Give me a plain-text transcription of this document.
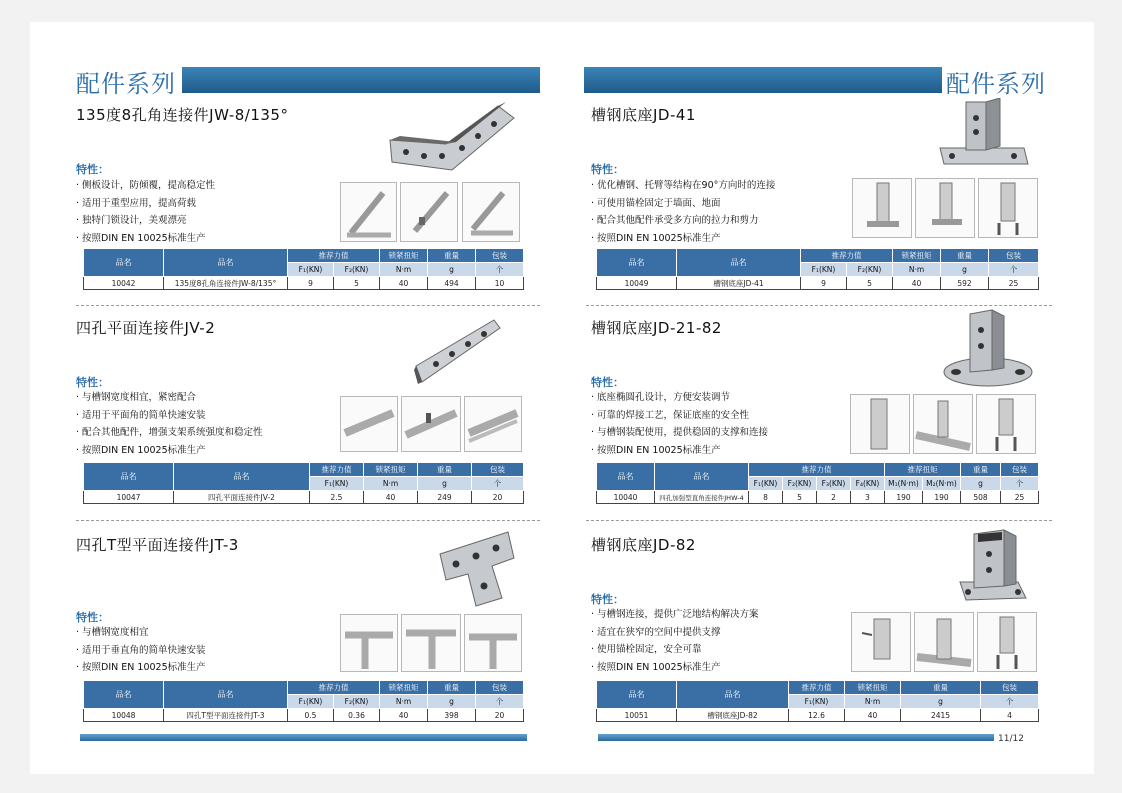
配件系列
135度8孔角连接件JW-8/135°
特性：
· 侧板设计，防倾覆，提高稳定性
· 适用于重型应用，提高荷载
· 独特门锁设计，美观漂亮
· 按照DIN EN 10025标准生产
品名	品名	推荐力值		锁紧扭矩	重量	包装
		F₁(KN)	F₂(KN)	N·m	g	个
10042	135度8孔角连接件JW-8/135°	9	5	40	494	10
四孔平面连接件JV-2
特性：
· 与槽钢宽度相宜，紧密配合
· 适用于平面角的简单快速安装
· 配合其他配件，增强支架系统强度和稳定性
· 按照DIN EN 10025标准生产
品名	品名	推荐力值	锁紧扭矩	重量	包装
		F₁(KN)	N·m	g	个
10047	四孔平面连接件JV-2	2.5	40	249	20
四孔T型平面连接件JT-3
特性：
· 与槽钢宽度相宜
· 适用于垂直角的简单快速安装
· 按照DIN EN 10025标准生产
品名	品名	推荐力值		锁紧扭矩	重量	包装
		F₁(KN)	F₂(KN)	N·m	g	个
10048	四孔T型平面连接件JT-3	0.5	0.36	40	398	20
配件系列
槽钢底座JD-41
特性：
· 优化槽钢、托臂等结构在90°方向时的连接
· 可使用锚栓固定于墙面、地面
· 配合其他配件承受多方向的拉力和剪力
· 按照DIN EN 10025标准生产
品名	品名	推荐力值		锁紧扭矩	重量	包装
		F₁(KN)	F₂(KN)	N·m	g	个
10049	槽钢底座JD-41	9	5	40	592	25
槽钢底座JD-21-82
特性：
· 底座椭圆孔设计，方便安装调节
· 可靠的焊接工艺，保证底座的安全性
· 与槽钢装配使用，提供稳固的支撑和连接
· 按照DIN EN 10025标准生产
品名	品名	推荐力值				推荐扭矩		重量	包装
		F₁(KN)	F₂(KN)	F₃(KN)	F₄(KN)	M₁(N·m)	M₂(N·m)	g	个
10040	四孔加强型直角连接件JHW-4	8	5	2	3	190	190	508	25
槽钢底座JD-82
特性：
· 与槽钢连接，提供广泛地结构解决方案
· 适宜在狭窄的空间中提供支撑
· 使用锚栓固定，安全可靠
· 按照DIN EN 10025标准生产
品名	品名	推荐力值	锁紧扭矩	重量	包装
		F₁(KN)	N·m	g	个
10051	槽钢底座JD-82	12.6	40	2415	4
11/12
